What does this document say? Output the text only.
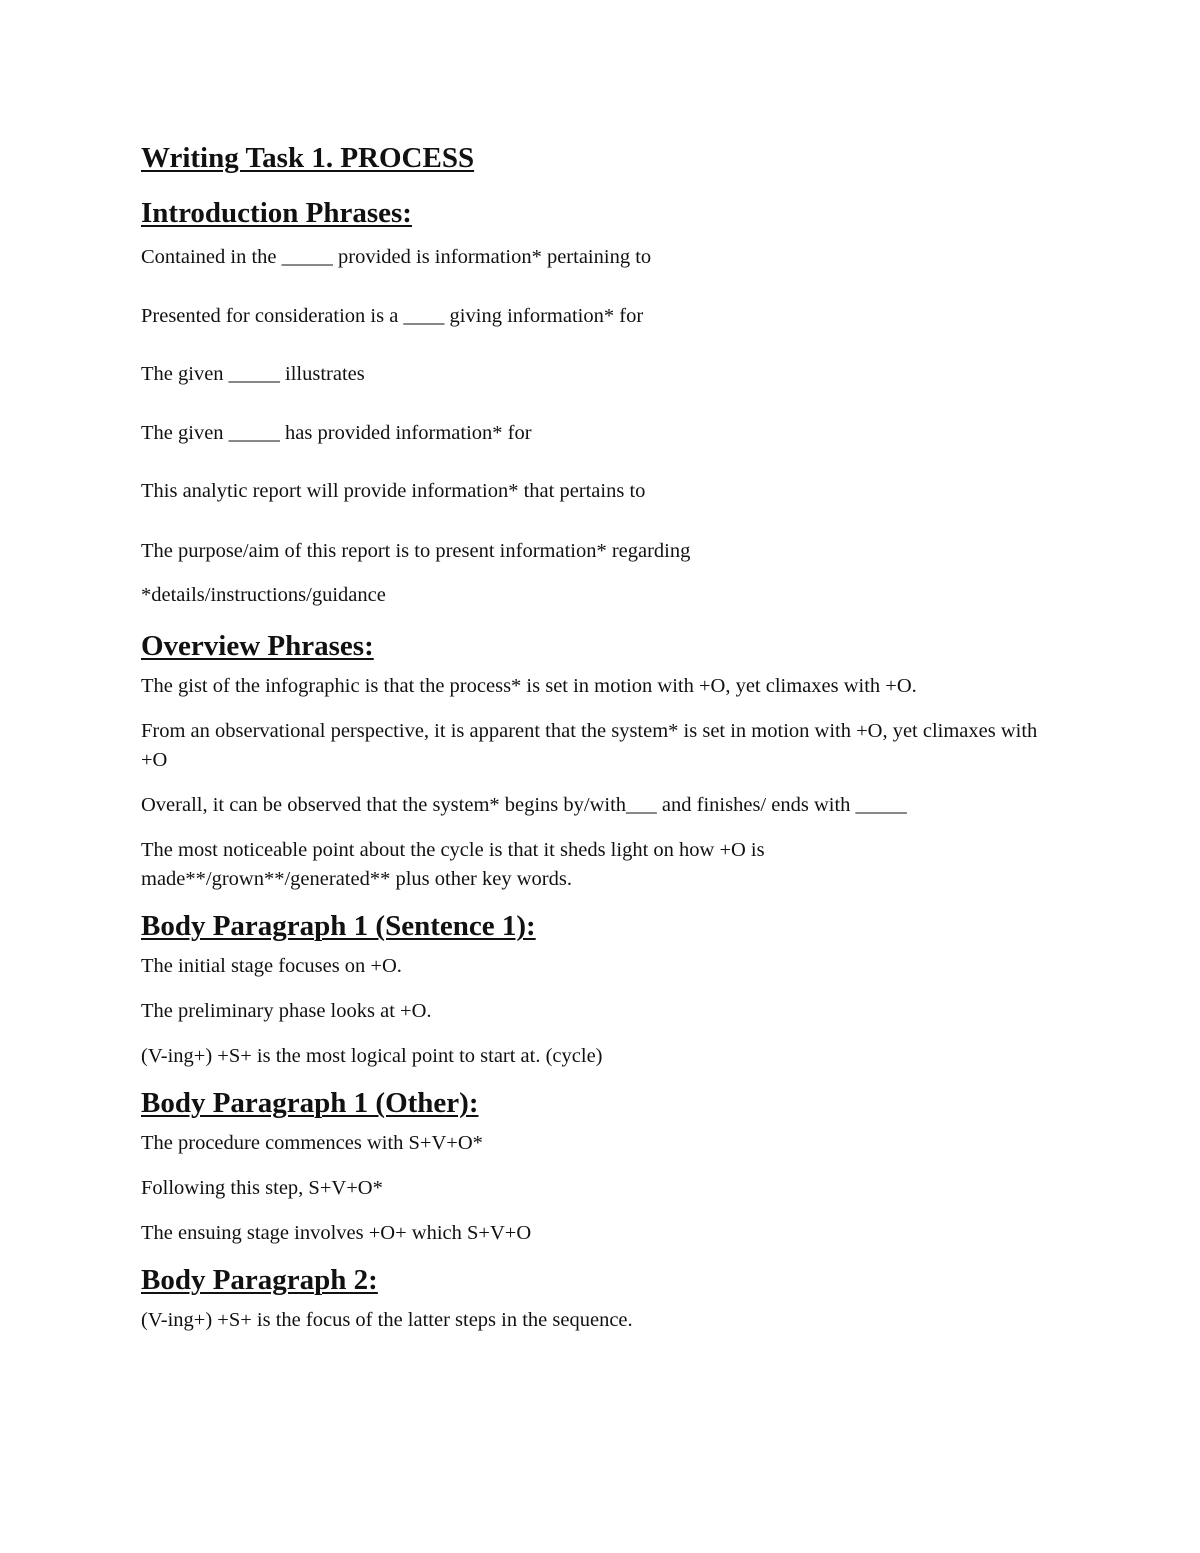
Writing Task 1. PROCESS
Introduction Phrases:

Contained in the _____ provided is information* pertaining to

Presented for consideration is a ____ giving information* for

The given _____ illustrates

The given _____ has provided information* for

This analytic report will provide information* that pertains to

The purpose/aim of this report is to present information* regarding

*details/instructions/guidance

Overview Phrases:

The gist of the infographic is that the process* is set in motion with +O, yet climaxes with +O.

From an observational perspective, it is apparent that the system* is set in motion with +O, yet climaxes with +O

Overall, it can be observed that the system* begins by/with___ and finishes/ ends with _____

The most noticeable point about the cycle is that it sheds light on how +O is made**/grown**/generated** plus other key words.

Body Paragraph 1 (Sentence 1):

The initial stage focuses on +O.

The preliminary phase looks at +O.

(V-ing+) +S+ is the most logical point to start at. (cycle)

Body Paragraph 1 (Other):

The procedure commences with S+V+O*

Following this step, S+V+O*

The ensuing stage involves +O+ which S+V+O

Body Paragraph 2:

(V-ing+) +S+ is the focus of the latter steps in the sequence.
